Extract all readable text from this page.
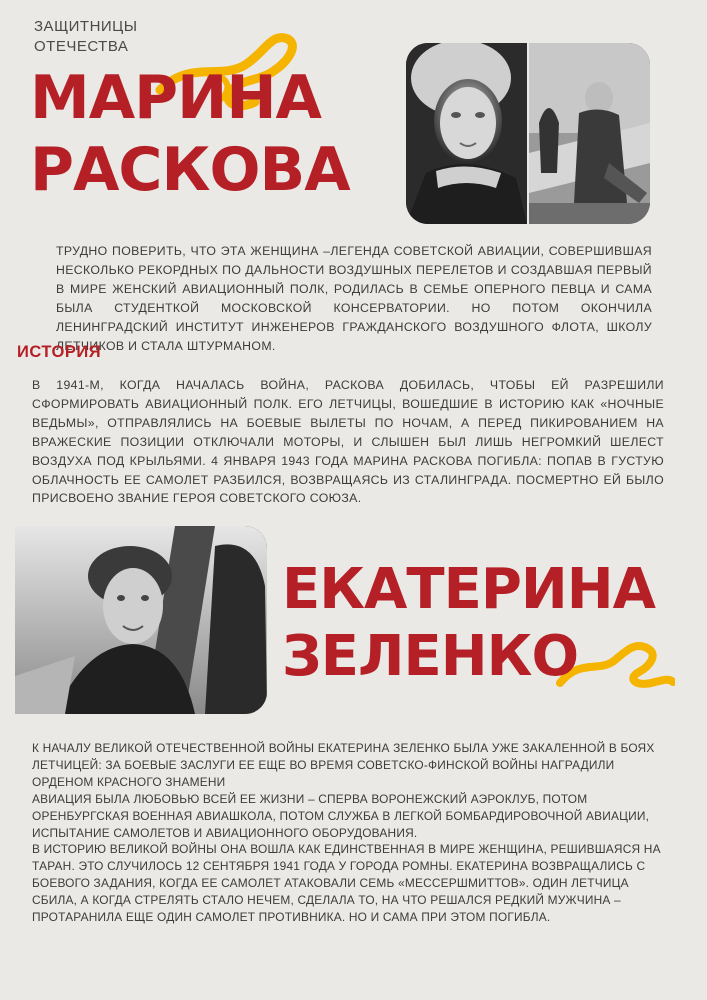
ЗАЩИТНИЦЫ
ОТЕЧЕСТВА
МАРИНА
РАСКОВА
ТРУДНО ПОВЕРИТЬ, ЧТО ЭТА ЖЕНЩИНА –ЛЕГЕНДА СОВЕТСКОЙ АВИАЦИИ, СОВЕРШИВШАЯ НЕСКОЛЬКО РЕКОРДНЫХ ПО ДАЛЬНОСТИ ВОЗДУШНЫХ ПЕРЕЛЕТОВ И СОЗДАВШАЯ ПЕРВЫЙ В МИРЕ ЖЕНСКИЙ АВИАЦИОННЫЙ ПОЛК, РОДИЛАСЬ В СЕМЬЕ ОПЕРНОГО ПЕВЦА И САМА БЫЛА СТУДЕНТКОЙ МОСКОВСКОЙ КОНСЕРВАТОРИИ. НО ПОТОМ ОКОНЧИЛА ЛЕНИНГРАДСКИЙ ИНСТИТУТ ИНЖЕНЕРОВ ГРАЖДАНСКОГО ВОЗДУШНОГО ФЛОТА, ШКОЛУ ЛЕТЧИКОВ И СТАЛА ШТУРМАНОМ.
ИСТОРИЯ
В 1941-М, КОГДА НАЧАЛАСЬ ВОЙНА, РАСКОВА ДОБИЛАСЬ, ЧТОБЫ ЕЙ РАЗРЕШИЛИ СФОРМИРОВАТЬ АВИАЦИОННЫЙ ПОЛК. ЕГО ЛЕТЧИЦЫ, ВОШЕДШИЕ В ИСТОРИЮ КАК «НОЧНЫЕ ВЕДЬМЫ», ОТПРАВЛЯЛИСЬ НА БОЕВЫЕ ВЫЛЕТЫ ПО НОЧАМ, А ПЕРЕД ПИКИРОВАНИЕМ НА ВРАЖЕСКИЕ ПОЗИЦИИ ОТКЛЮЧАЛИ МОТОРЫ, И СЛЫШЕН БЫЛ ЛИШЬ НЕГРОМКИЙ ШЕЛЕСТ ВОЗДУХА ПОД КРЫЛЬЯМИ. 4 ЯНВАРЯ 1943 ГОДА МАРИНА РАСКОВА ПОГИБЛА: ПОПАВ В ГУСТУЮ ОБЛАЧНОСТЬ ЕЕ САМОЛЕТ РАЗБИЛСЯ, ВОЗВРАЩАЯСЬ ИЗ СТАЛИНГРАДА. ПОСМЕРТНО ЕЙ БЫЛО ПРИСВОЕНО ЗВАНИЕ ГЕРОЯ СОВЕТСКОГО СОЮЗА.
ЕКАТЕРИНА
ЗЕЛЕНКО
К НАЧАЛУ ВЕЛИКОЙ ОТЕЧЕСТВЕННОЙ ВОЙНЫ ЕКАТЕРИНА ЗЕЛЕНКО БЫЛА УЖЕ ЗАКАЛЕННОЙ В БОЯХ ЛЕТЧИЦЕЙ: ЗА БОЕВЫЕ ЗАСЛУГИ ЕЕ ЕЩЕ ВО ВРЕМЯ СОВЕТСКО-ФИНСКОЙ ВОЙНЫ НАГРАДИЛИ ОРДЕНОМ КРАСНОГО ЗНАМЕНИ
АВИАЦИЯ БЫЛА ЛЮБОВЬЮ ВСЕЙ ЕЕ ЖИЗНИ – СПЕРВА ВОРОНЕЖСКИЙ АЭРОКЛУБ, ПОТОМ ОРЕНБУРГСКАЯ ВОЕННАЯ АВИАШКОЛА, ПОТОМ СЛУЖБА В ЛЕГКОЙ БОМБАРДИРОВОЧНОЙ АВИАЦИИ, ИСПЫТАНИЕ САМОЛЕТОВ И АВИАЦИОННОГО ОБОРУДОВАНИЯ.
В ИСТОРИЮ ВЕЛИКОЙ ВОЙНЫ ОНА ВОШЛА КАК ЕДИНСТВЕННАЯ В МИРЕ ЖЕНЩИНА, РЕШИВШАЯСЯ НА ТАРАН. ЭТО СЛУЧИЛОСЬ 12 СЕНТЯБРЯ 1941 ГОДА У ГОРОДА РОМНЫ. ЕКАТЕРИНА ВОЗВРАЩАЛИСЬ С БОЕВОГО ЗАДАНИЯ, КОГДА ЕЕ САМОЛЕТ АТАКОВАЛИ СЕМЬ «МЕССЕРШМИТТОВ». ОДИН ЛЕТЧИЦА СБИЛА, А КОГДА СТРЕЛЯТЬ СТАЛО НЕЧЕМ, СДЕЛАЛА ТО, НА ЧТО РЕШАЛСЯ РЕДКИЙ МУЖЧИНА – ПРОТАРАНИЛА ЕЩЕ ОДИН САМОЛЕТ ПРОТИВНИКА. НО И САМА ПРИ ЭТОМ ПОГИБЛА.
